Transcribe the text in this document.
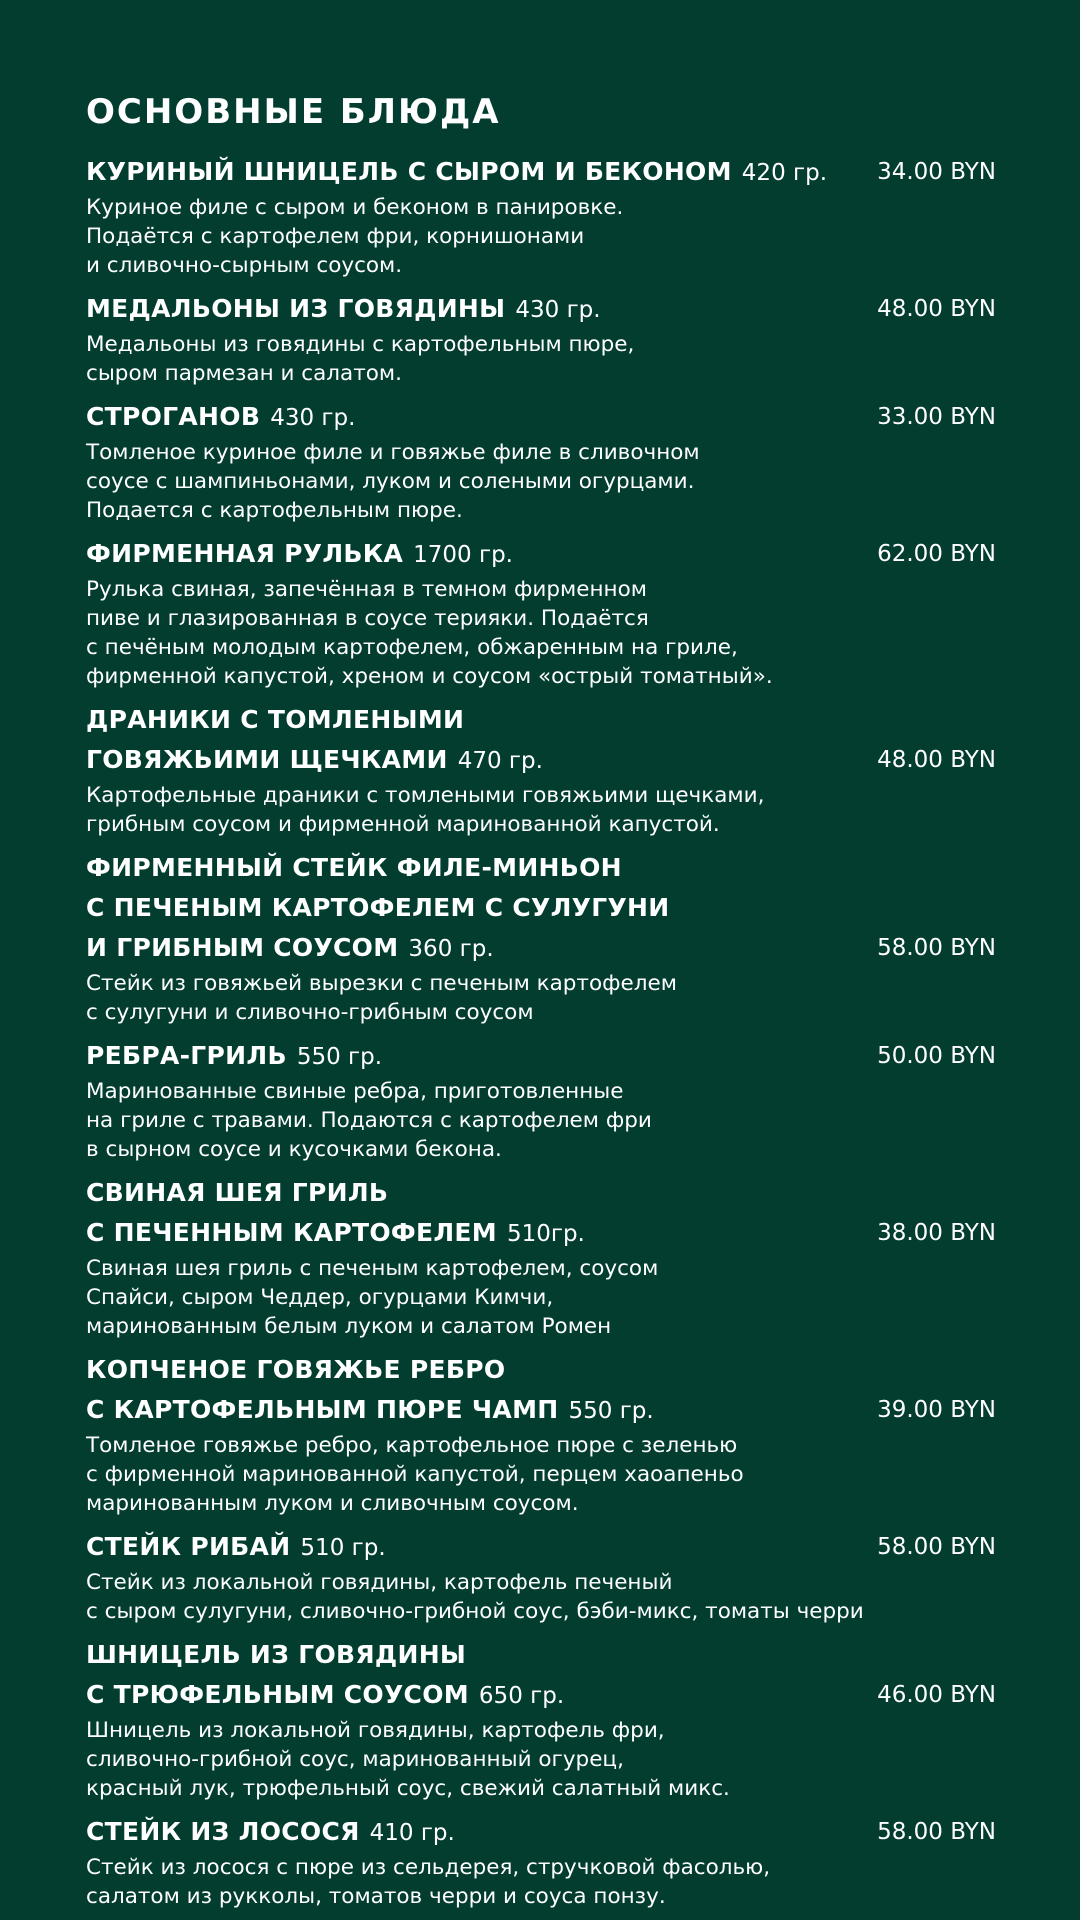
ОСНОВНЫЕ БЛЮДА
КУРИНЫЙ ШНИЦЕЛЬ С СЫРОМ И БЕКОНОМ 420 гр. 34.00 BYN
Куриное филе с сыром и беконом в панировке.
Подаётся с картофелем фри, корнишонами
и сливочно-сырным соусом.
МЕДАЛЬОНЫ ИЗ ГОВЯДИНЫ 430 гр.	48.00 BYN
Медальоны из говядины с картофельным пюре,
сыром пармезан и салатом.
СТРОГАНОВ 430 гр.	33.00 BYN
Томленое куриное филе и говяжье филе в сливочном
соусе с шампиньонами, луком и солеными огурцами.
Подается с картофельным пюре.
ФИРМЕННАЯ РУЛЬКА 1700 гр.	62.00 BYN
Рулька свиная, запечённая в темном фирменном
пиве и глазированная в соусе терияки. Подаётся
с печёным молодым картофелем, обжаренным на гриле,
фирменной капустой, хреном и соусом «острый томатный».
ДРАНИКИ С ТОМЛЕНЫМИ
ГОВЯЖЬИМИ ЩЕЧКАМИ 470 гр.	48.00 BYN
Картофельные драники с томлеными говяжьими щечками,
грибным соусом и фирменной маринованной капустой.
ФИРМЕННЫЙ СТЕЙК ФИЛЕ-МИНЬОН
С ПЕЧЕНЫМ КАРТОФЕЛЕМ С СУЛУГУНИ
И ГРИБНЫМ СОУСОМ 360 гр.	58.00 BYN
Стейк из говяжьей вырезки с печеным картофелем
с сулугуни и сливочно-грибным соусом
РЕБРА-ГРИЛЬ 550 гр.	50.00 BYN
Маринованные свиные ребра, приготовленные
на гриле с травами. Подаются с картофелем фри
в сырном соусе и кусочками бекона.
СВИНАЯ ШЕЯ ГРИЛЬ
С ПЕЧЕННЫМ КАРТОФЕЛЕМ 510гр.	38.00 BYN
Свиная шея гриль с печеным картофелем, соусом
Спайси, сыром Чеддер, огурцами Кимчи,
маринованным белым луком и салатом Ромен
КОПЧЕНОЕ ГОВЯЖЬЕ РЕБРО
С КАРТОФЕЛЬНЫМ ПЮРЕ ЧАМП 550 гр.	39.00 BYN
Томленое говяжье ребро, картофельное пюре с зеленью
с фирменной маринованной капустой, перцем хаоапеньо
маринованным луком и сливочным соусом.
СТЕЙК РИБАЙ 510 гр.	58.00 BYN
Стейк из локальной говядины, картофель печеный
с сыром сулугуни, сливочно-грибной соус, бэби-микс, томаты черри
ШНИЦЕЛЬ ИЗ ГОВЯДИНЫ
С ТРЮФЕЛЬНЫМ СОУСОМ 650 гр.	46.00 BYN
Шницель из локальной говядины, картофель фри,
сливочно-грибной соус, маринованный огурец,
красный лук, трюфельный соус, свежий салатный микс.
СТЕЙК ИЗ ЛОСОСЯ 410 гр.	58.00 BYN
Стейк из лосося с пюре из сельдерея, стручковой фасолью,
салатом из рукколы, томатов черри и соуса понзу.
